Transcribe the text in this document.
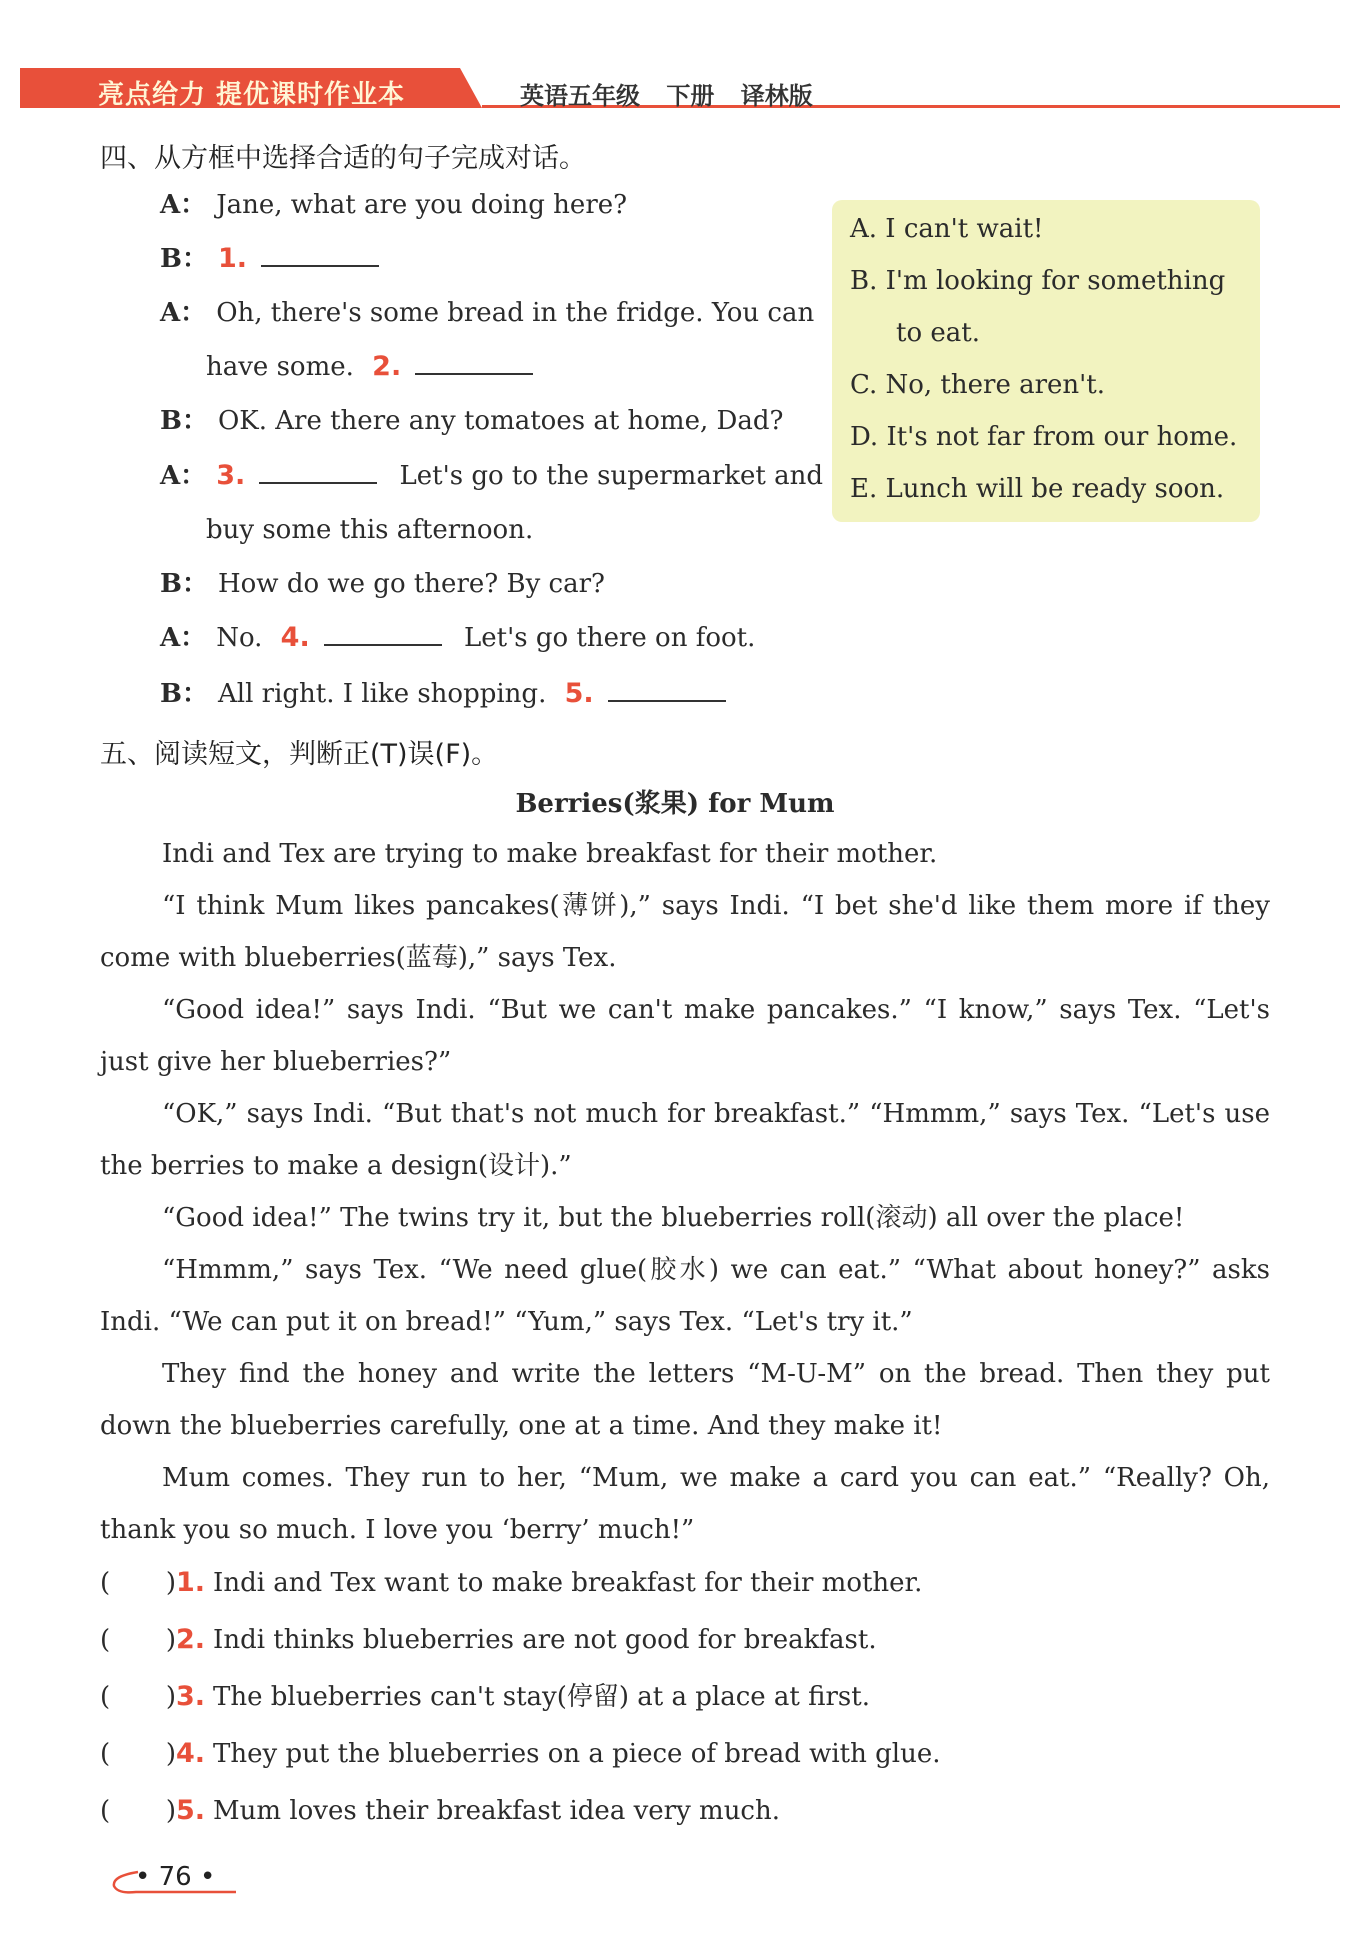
亮点给力 提优课时作业本	英语五年级 下册 译林版
四、从方框中选择合适的句子完成对话。
A： Jane, what are you doing here?
B： 1.
A： Oh, there's some bread in the fridge. You can
have some. 2.
B： OK. Are there any tomatoes at home, Dad?
A： 3.	Let's go to the supermarket and
buy some this afternoon.
B： How do we go there? By car?
A： No. 4.	Let's go there on foot.
B： All right. I like shopping. 5.
A. I can't wait!
B. I'm looking for something
to eat.
C. No, there aren't.
D. It's not far from our home.
E. Lunch will be ready soon.
五、阅读短文，判断正(T)误(F)。
Berries(浆果) for Mum
Indi and Tex are trying to make breakfast for their mother.
“I think Mum likes pancakes(薄饼),” says Indi. “I bet she'd like them more if they come with blueberries(蓝莓),” says Tex.
“Good idea!” says Indi. “But we can't make pancakes.” “I know,” says Tex. “Let's just give her blueberries?”
“OK,” says Indi. “But that's not much for breakfast.” “Hmmm,” says Tex. “Let's use the berries to make a design(设计).”
“Good idea!” The twins try it, but the blueberries roll(滚动) all over the place!
“Hmmm,” says Tex. “We need glue(胶水) we can eat.” “What about honey?” asks Indi. “We can put it on bread!” “Yum,” says Tex. “Let's try it.”
They find the honey and write the letters “M-U-M” on the bread. Then they put down the blueberries carefully, one at a time. And they make it!
Mum comes. They run to her, “Mum, we make a card you can eat.” “Really? Oh, thank you so much. I love you ‘berry’ much!”
( ) 1. Indi and Tex want to make breakfast for their mother.
( ) 2. Indi thinks blueberries are not good for breakfast.
( ) 3. The blueberries can't stay(停留) at a place at first.
( ) 4. They put the blueberries on a piece of bread with glue.
( ) 5. Mum loves their breakfast idea very much.
• 76 •
